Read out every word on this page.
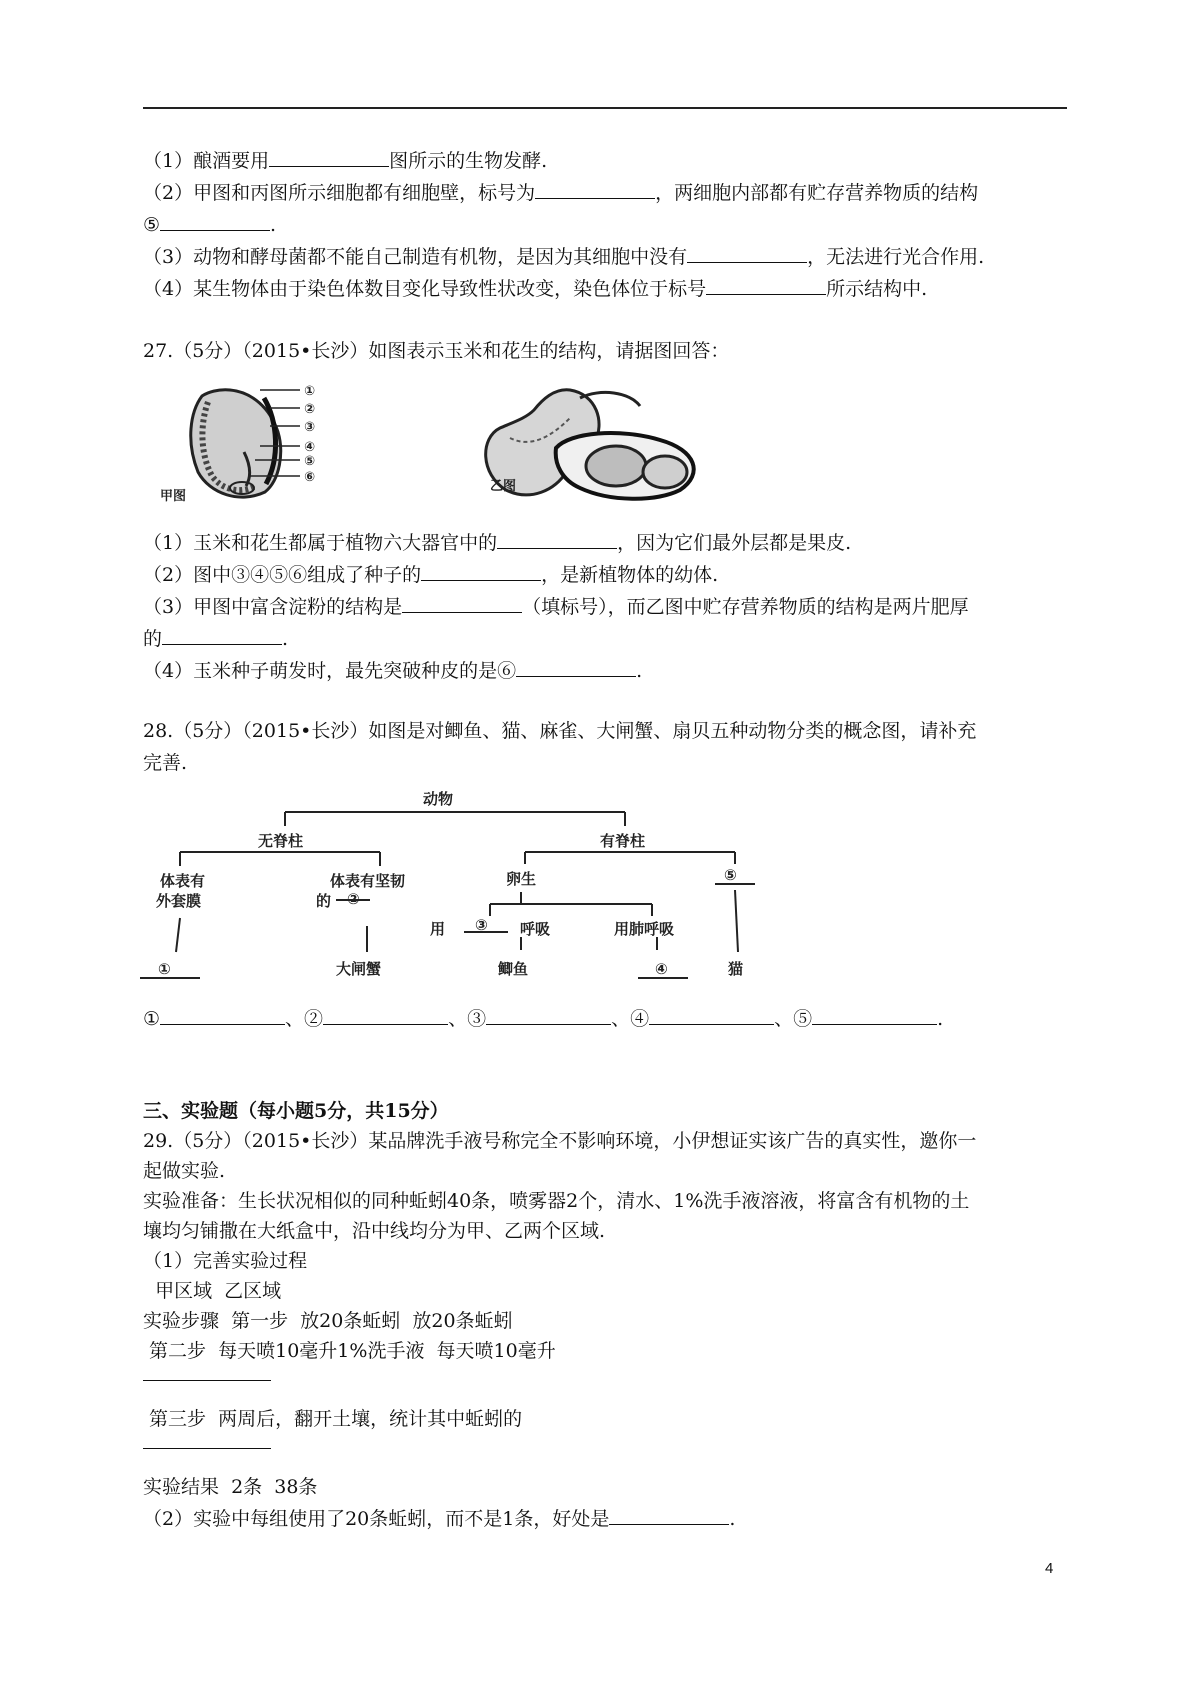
（1）酿酒要用	图所示的生物发酵.
（2）甲图和丙图所示细胞都有细胞壁，标号为	，两细胞内部都有贮存营养物质的结构
⑤	.
（3）动物和酵母菌都不能自己制造有机物，是因为其细胞中没有	，无法进行光合作用.
（4）某生物体由于染色体数目变化导致性状改变，染色体位于标号	所示结构中.
27.（5分）（2015•长沙）如图表示玉米和花生的结构，请据图回答：
①
②
③
④
⑤
⑥
甲图
乙图
（1）玉米和花生都属于植物六大器官中的	，因为它们最外层都是果皮.
（2）图中③④⑤⑥组成了种子的	，是新植物体的幼体.
（3）甲图中富含淀粉的结构是	（填标号），而乙图中贮存营养物质的结构是两片肥厚
的	.
（4）玉米种子萌发时，最先突破种皮的是⑥	.
28.（5分）（2015•长沙）如图是对鲫鱼、猫、麻雀、大闸蟹、扇贝五种动物分类的概念图，请补充
完善.
动物
无脊柱	有脊柱
体表有
外套膜
体表有坚韧
的 ②
卵生	⑤
用 ③ 呼吸	用肺呼吸
①	大闸蟹	鲫鱼	④	猫
①	、②	、③	、④	、⑤	.
三、实验题（每小题5分，共15分）
29.（5分）（2015•长沙）某品牌洗手液号称完全不影响环境，小伊想证实该广告的真实性，邀你一
起做实验.
实验准备：生长状况相似的同种蚯蚓40条，喷雾器2个，清水、1%洗手液溶液，将富含有机物的土
壤均匀铺撒在大纸盒中，沿中线均分为甲、乙两个区域.
（1）完善实验过程
甲区域  乙区域
实验步骤  第一步  放20条蚯蚓  放20条蚯蚓
第二步  每天喷10毫升1%洗手液  每天喷10毫升
第三步  两周后，翻开土壤，统计其中蚯蚓的
实验结果  2条  38条
（2）实验中每组使用了20条蚯蚓，而不是1条，好处是	.
4
